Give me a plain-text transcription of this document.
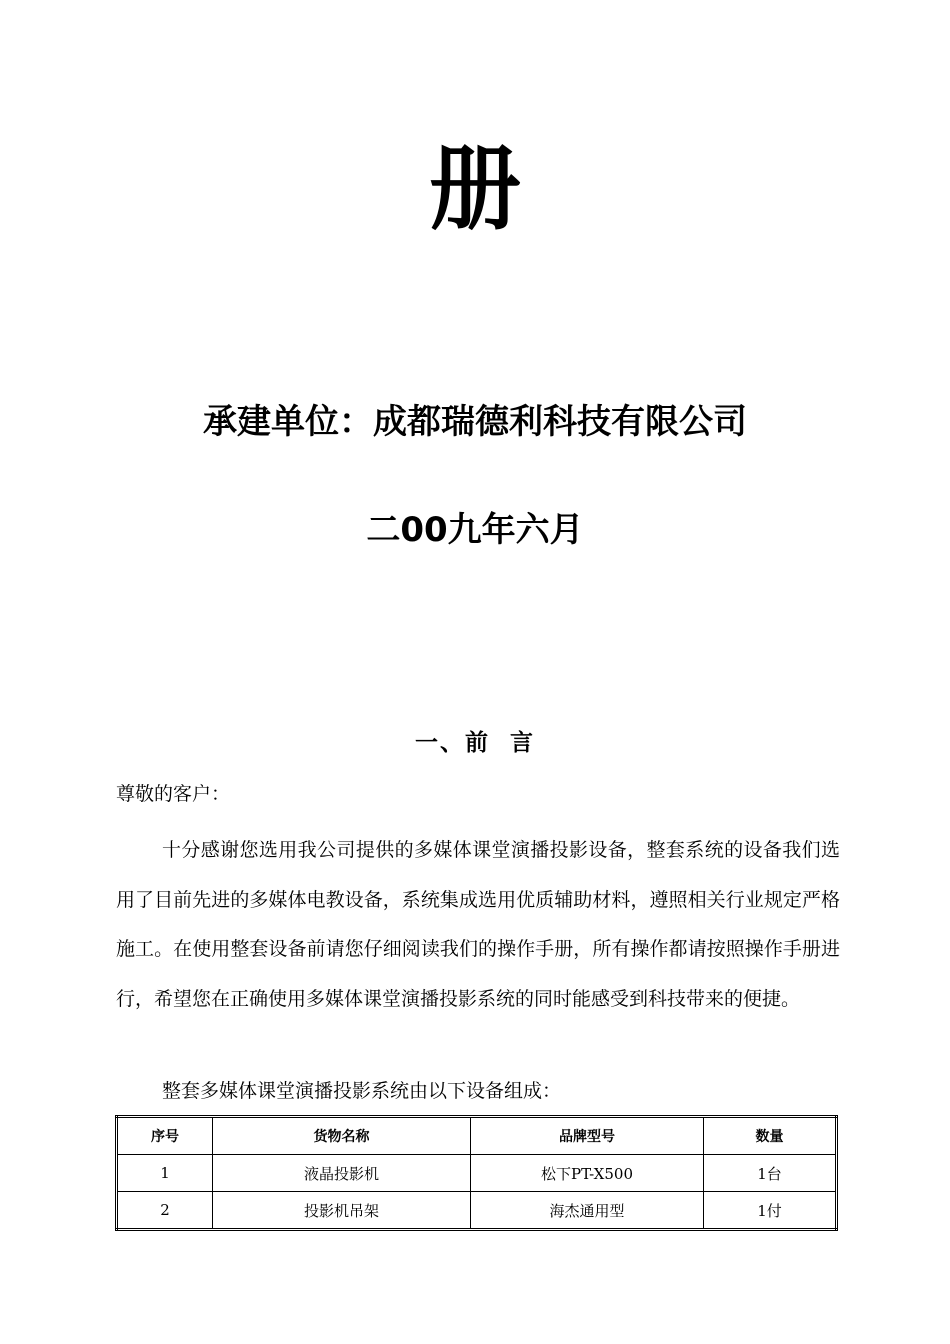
册
承建单位：成都瑞德利科技有限公司
二00九年六月
一、前  言
尊敬的客户：
十分感谢您选用我公司提供的多媒体课堂演播投影设备，整套系统的设备我们选用了目前先进的多媒体电教设备，系统集成选用优质辅助材料，遵照相关行业规定严格施工。在使用整套设备前请您仔细阅读我们的操作手册，所有操作都请按照操作手册进行，希望您在正确使用多媒体课堂演播投影系统的同时能感受到科技带来的便捷。
整套多媒体课堂演播投影系统由以下设备组成：
序号	货物名称	品牌型号	数量
1	液晶投影机	松下PT-X500	1台
2	投影机吊架	海杰通用型	1付
